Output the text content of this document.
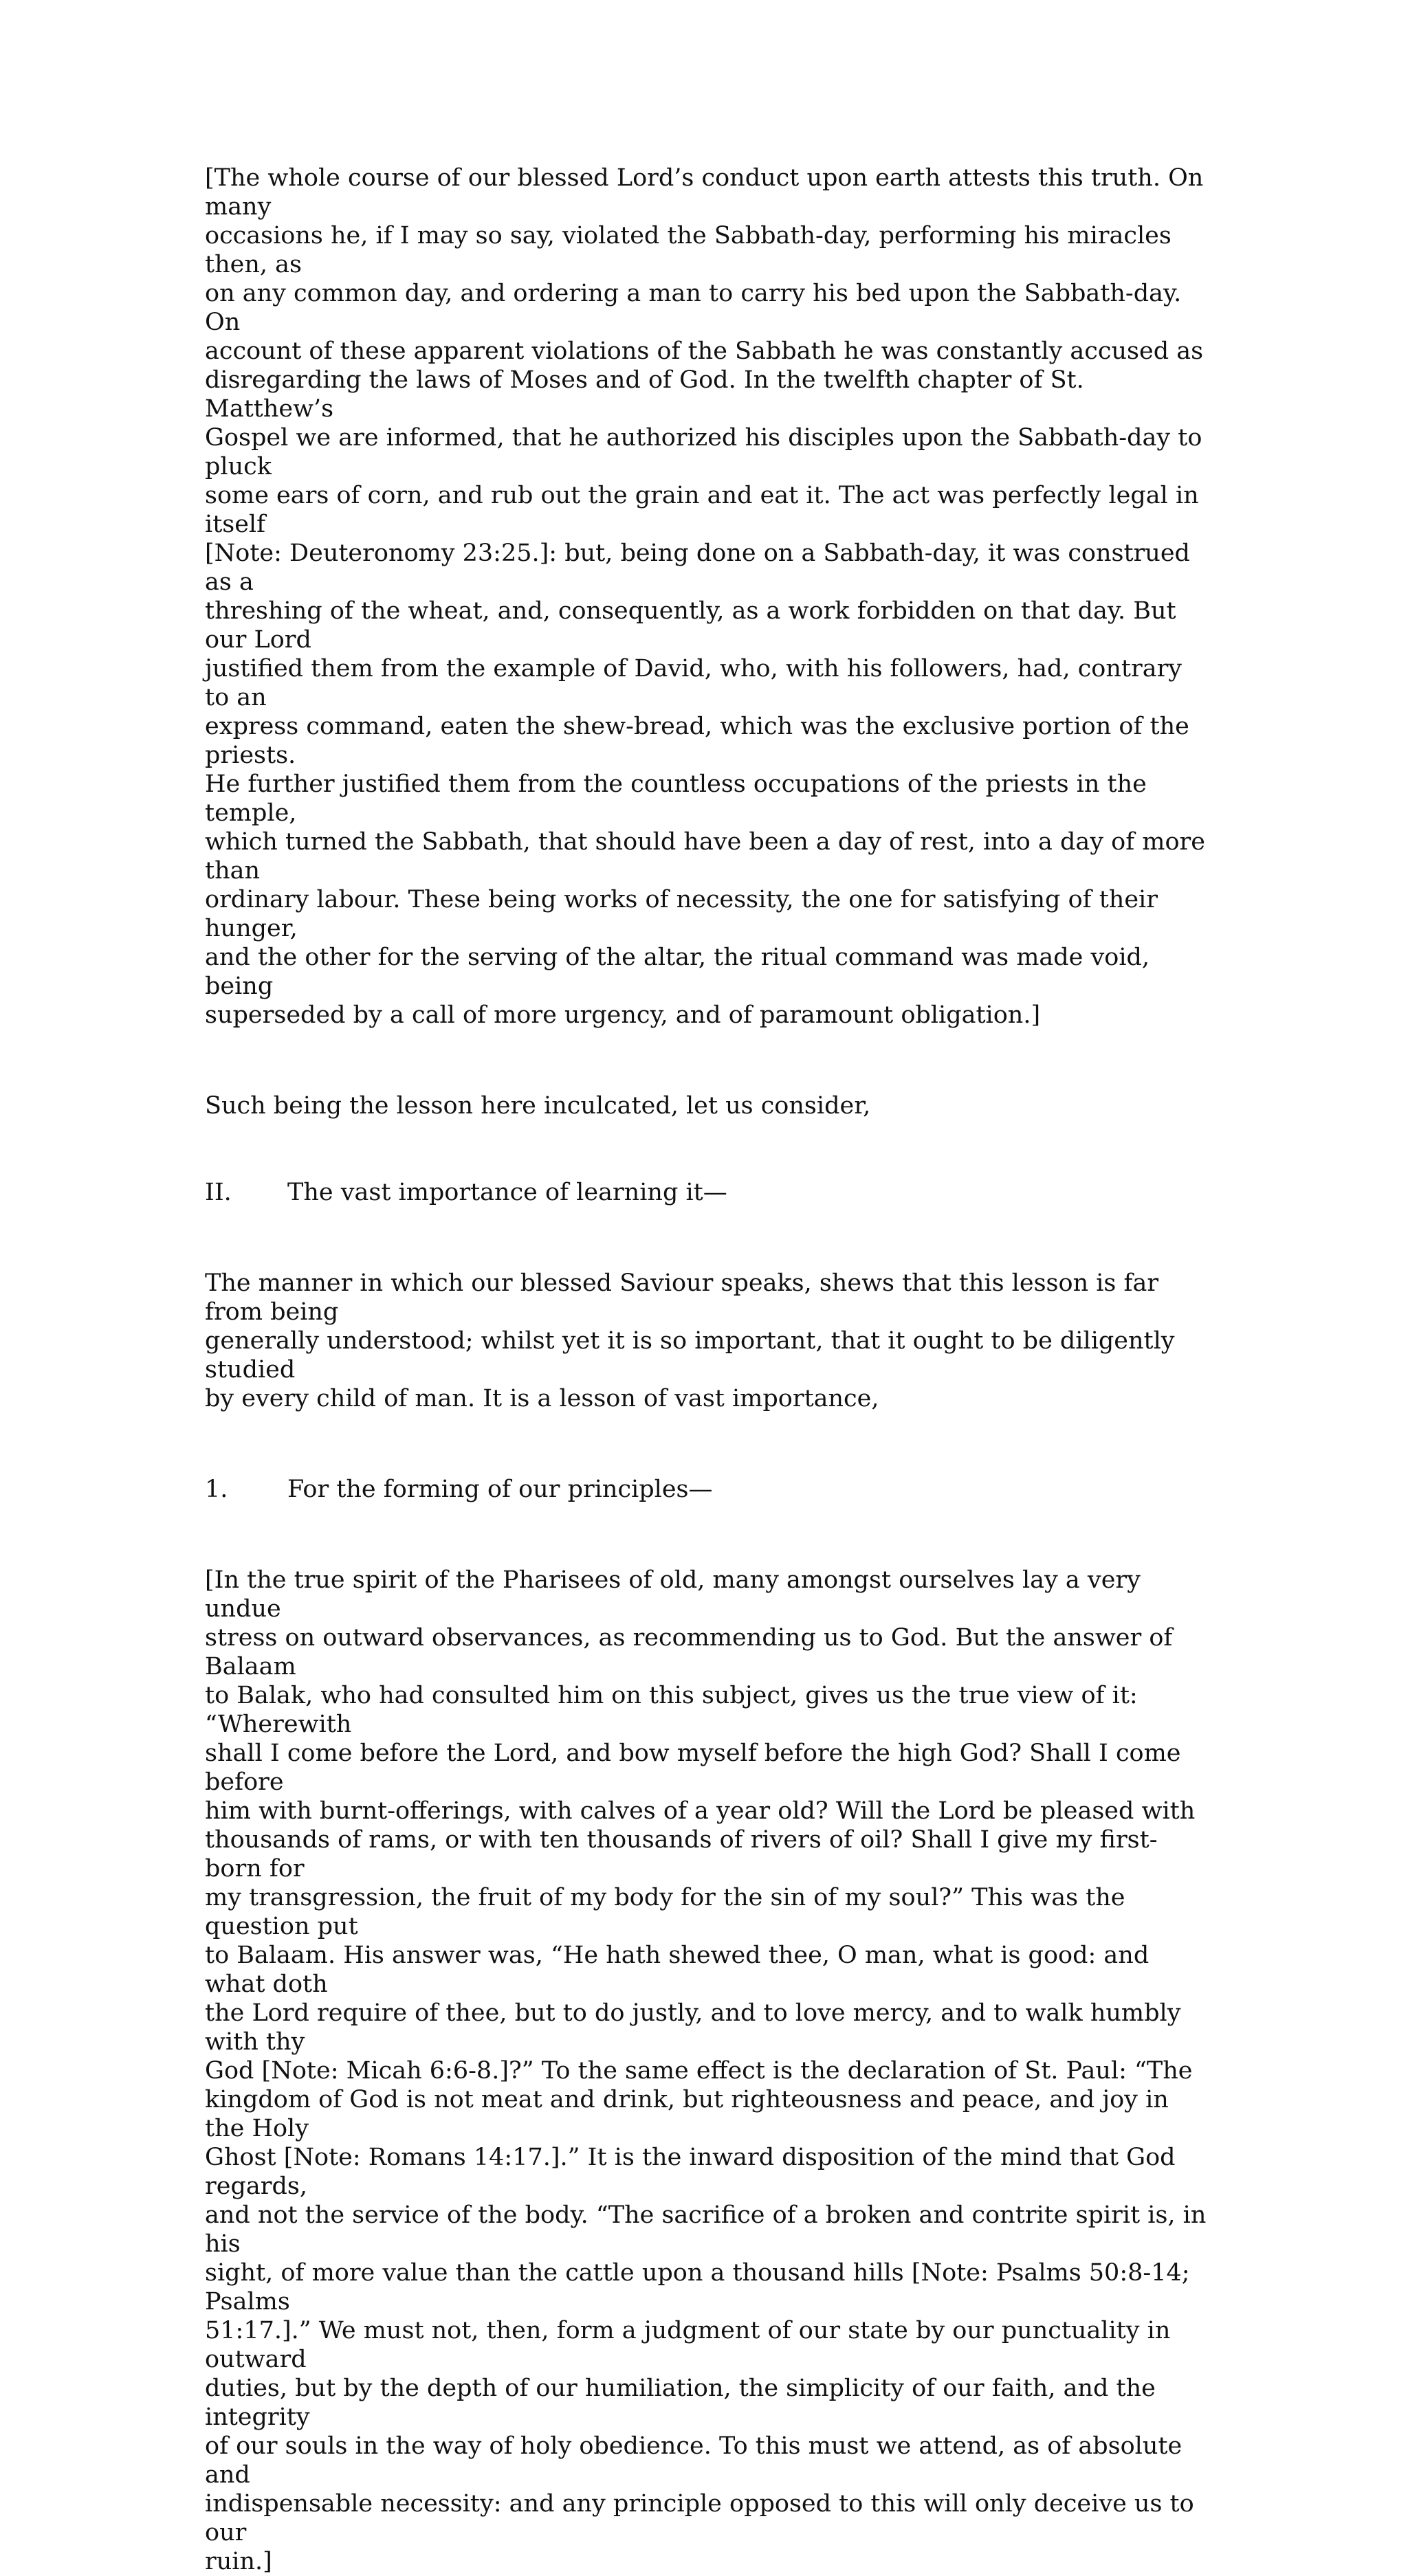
[The whole course of our blessed Lord’s conduct upon earth attests this truth. On many
occasions he, if I may so say, violated the Sabbath-day, performing his miracles then, as
on any common day, and ordering a man to carry his bed upon the Sabbath-day. On
account of these apparent violations of the Sabbath he was constantly accused as
disregarding the laws of Moses and of God. In the twelfth chapter of St. Matthew’s
Gospel we are informed, that he authorized his disciples upon the Sabbath-day to pluck
some ears of corn, and rub out the grain and eat it. The act was perfectly legal in itself
[Note: Deuteronomy 23:25.]: but, being done on a Sabbath-day, it was construed as a
threshing of the wheat, and, consequently, as a work forbidden on that day. But our Lord
justified them from the example of David, who, with his followers, had, contrary to an
express command, eaten the shew-bread, which was the exclusive portion of the priests.
He further justified them from the countless occupations of the priests in the temple,
which turned the Sabbath, that should have been a day of rest, into a day of more than
ordinary labour. These being works of necessity, the one for satisfying of their hunger,
and the other for the serving of the altar, the ritual command was made void, being
superseded by a call of more urgency, and of paramount obligation.]

Such being the lesson here inculcated, let us consider,

II.	The vast importance of learning it—

The manner in which our blessed Saviour speaks, shews that this lesson is far from being
generally understood; whilst yet it is so important, that it ought to be diligently studied
by every child of man. It is a lesson of vast importance,

1.	For the forming of our principles—

[In the true spirit of the Pharisees of old, many amongst ourselves lay a very undue
stress on outward observances, as recommending us to God. But the answer of Balaam
to Balak, who had consulted him on this subject, gives us the true view of it: “Wherewith
shall I come before the Lord, and bow myself before the high God? Shall I come before
him with burnt-offerings, with calves of a year old? Will the Lord be pleased with
thousands of rams, or with ten thousands of rivers of oil? Shall I give my first-born for
my transgression, the fruit of my body for the sin of my soul?” This was the question put
to Balaam. His answer was, “He hath shewed thee, O man, what is good: and what doth
the Lord require of thee, but to do justly, and to love mercy, and to walk humbly with thy
God [Note: Micah 6:6-8.]?” To the same effect is the declaration of St. Paul: “The
kingdom of God is not meat and drink, but righteousness and peace, and joy in the Holy
Ghost [Note: Romans 14:17.].” It is the inward disposition of the mind that God regards,
and not the service of the body. “The sacrifice of a broken and contrite spirit is, in his
sight, of more value than the cattle upon a thousand hills [Note: Psalms 50:8-14; Psalms
51:17.].” We must not, then, form a judgment of our state by our punctuality in outward
duties, but by the depth of our humiliation, the simplicity of our faith, and the integrity
of our souls in the way of holy obedience. To this must we attend, as of absolute and
indispensable necessity: and any principle opposed to this will only deceive us to our
ruin.]
